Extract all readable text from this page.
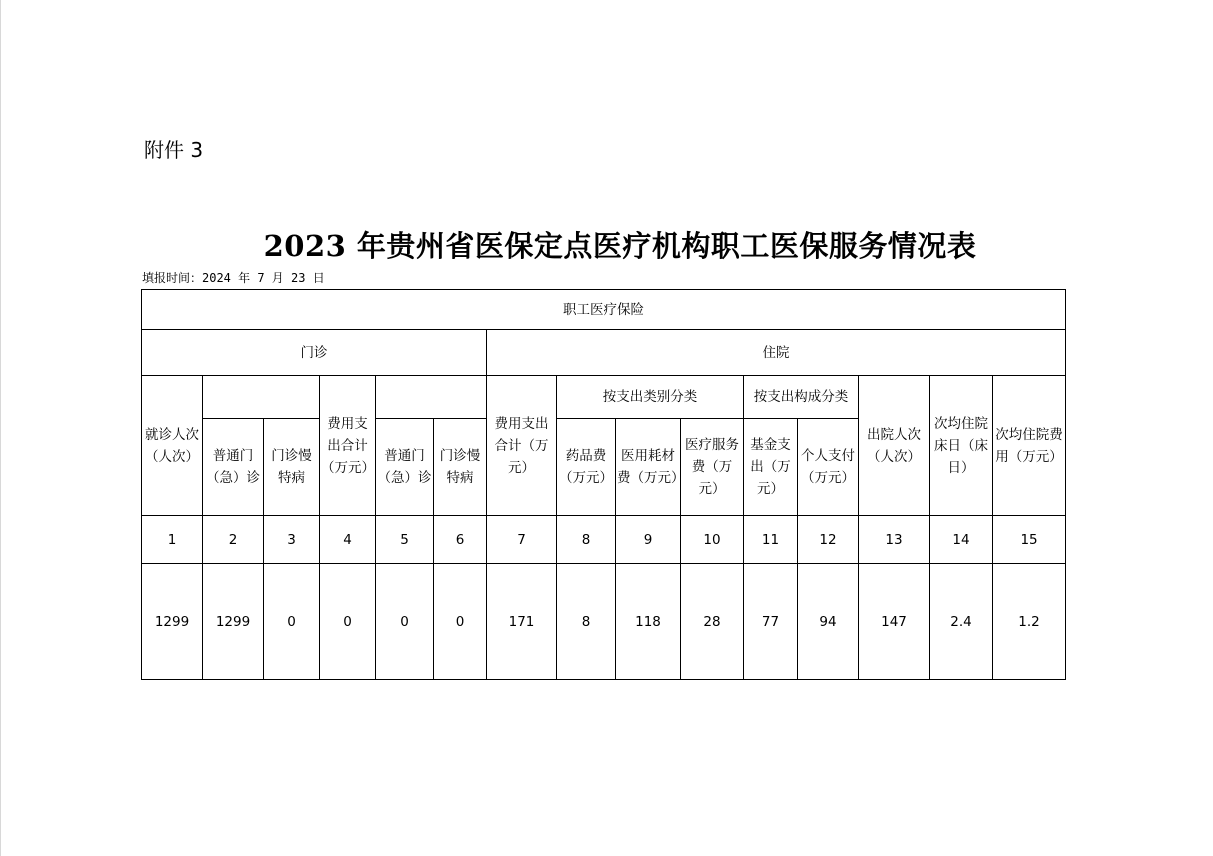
附件 3
2023 年贵州省医保定点医疗机构职工医保服务情况表
填报时间：2024 年 7 月 23 日
职工医疗保险														
门诊						住院								
就诊人次（人次）			费用支出合计（万元）			费用支出合计（万元）	按支出类别分类			按支出构成分类		出院人次（人次）	次均住院床日（床日）	次均住院费用（万元）
	普通门（急）诊	门诊慢特病		普通门（急）诊	门诊慢特病		药品费（万元）	医用耗材费（万元）	医疗服务费（万元）	基金支出（万元）	个人支付（万元）			
1	2	3	4	5	6	7	8	9	10	11	12	13	14	15
1299	1299	0	0	0	0	171	8	118	28	77	94	147	2.4	1.2
